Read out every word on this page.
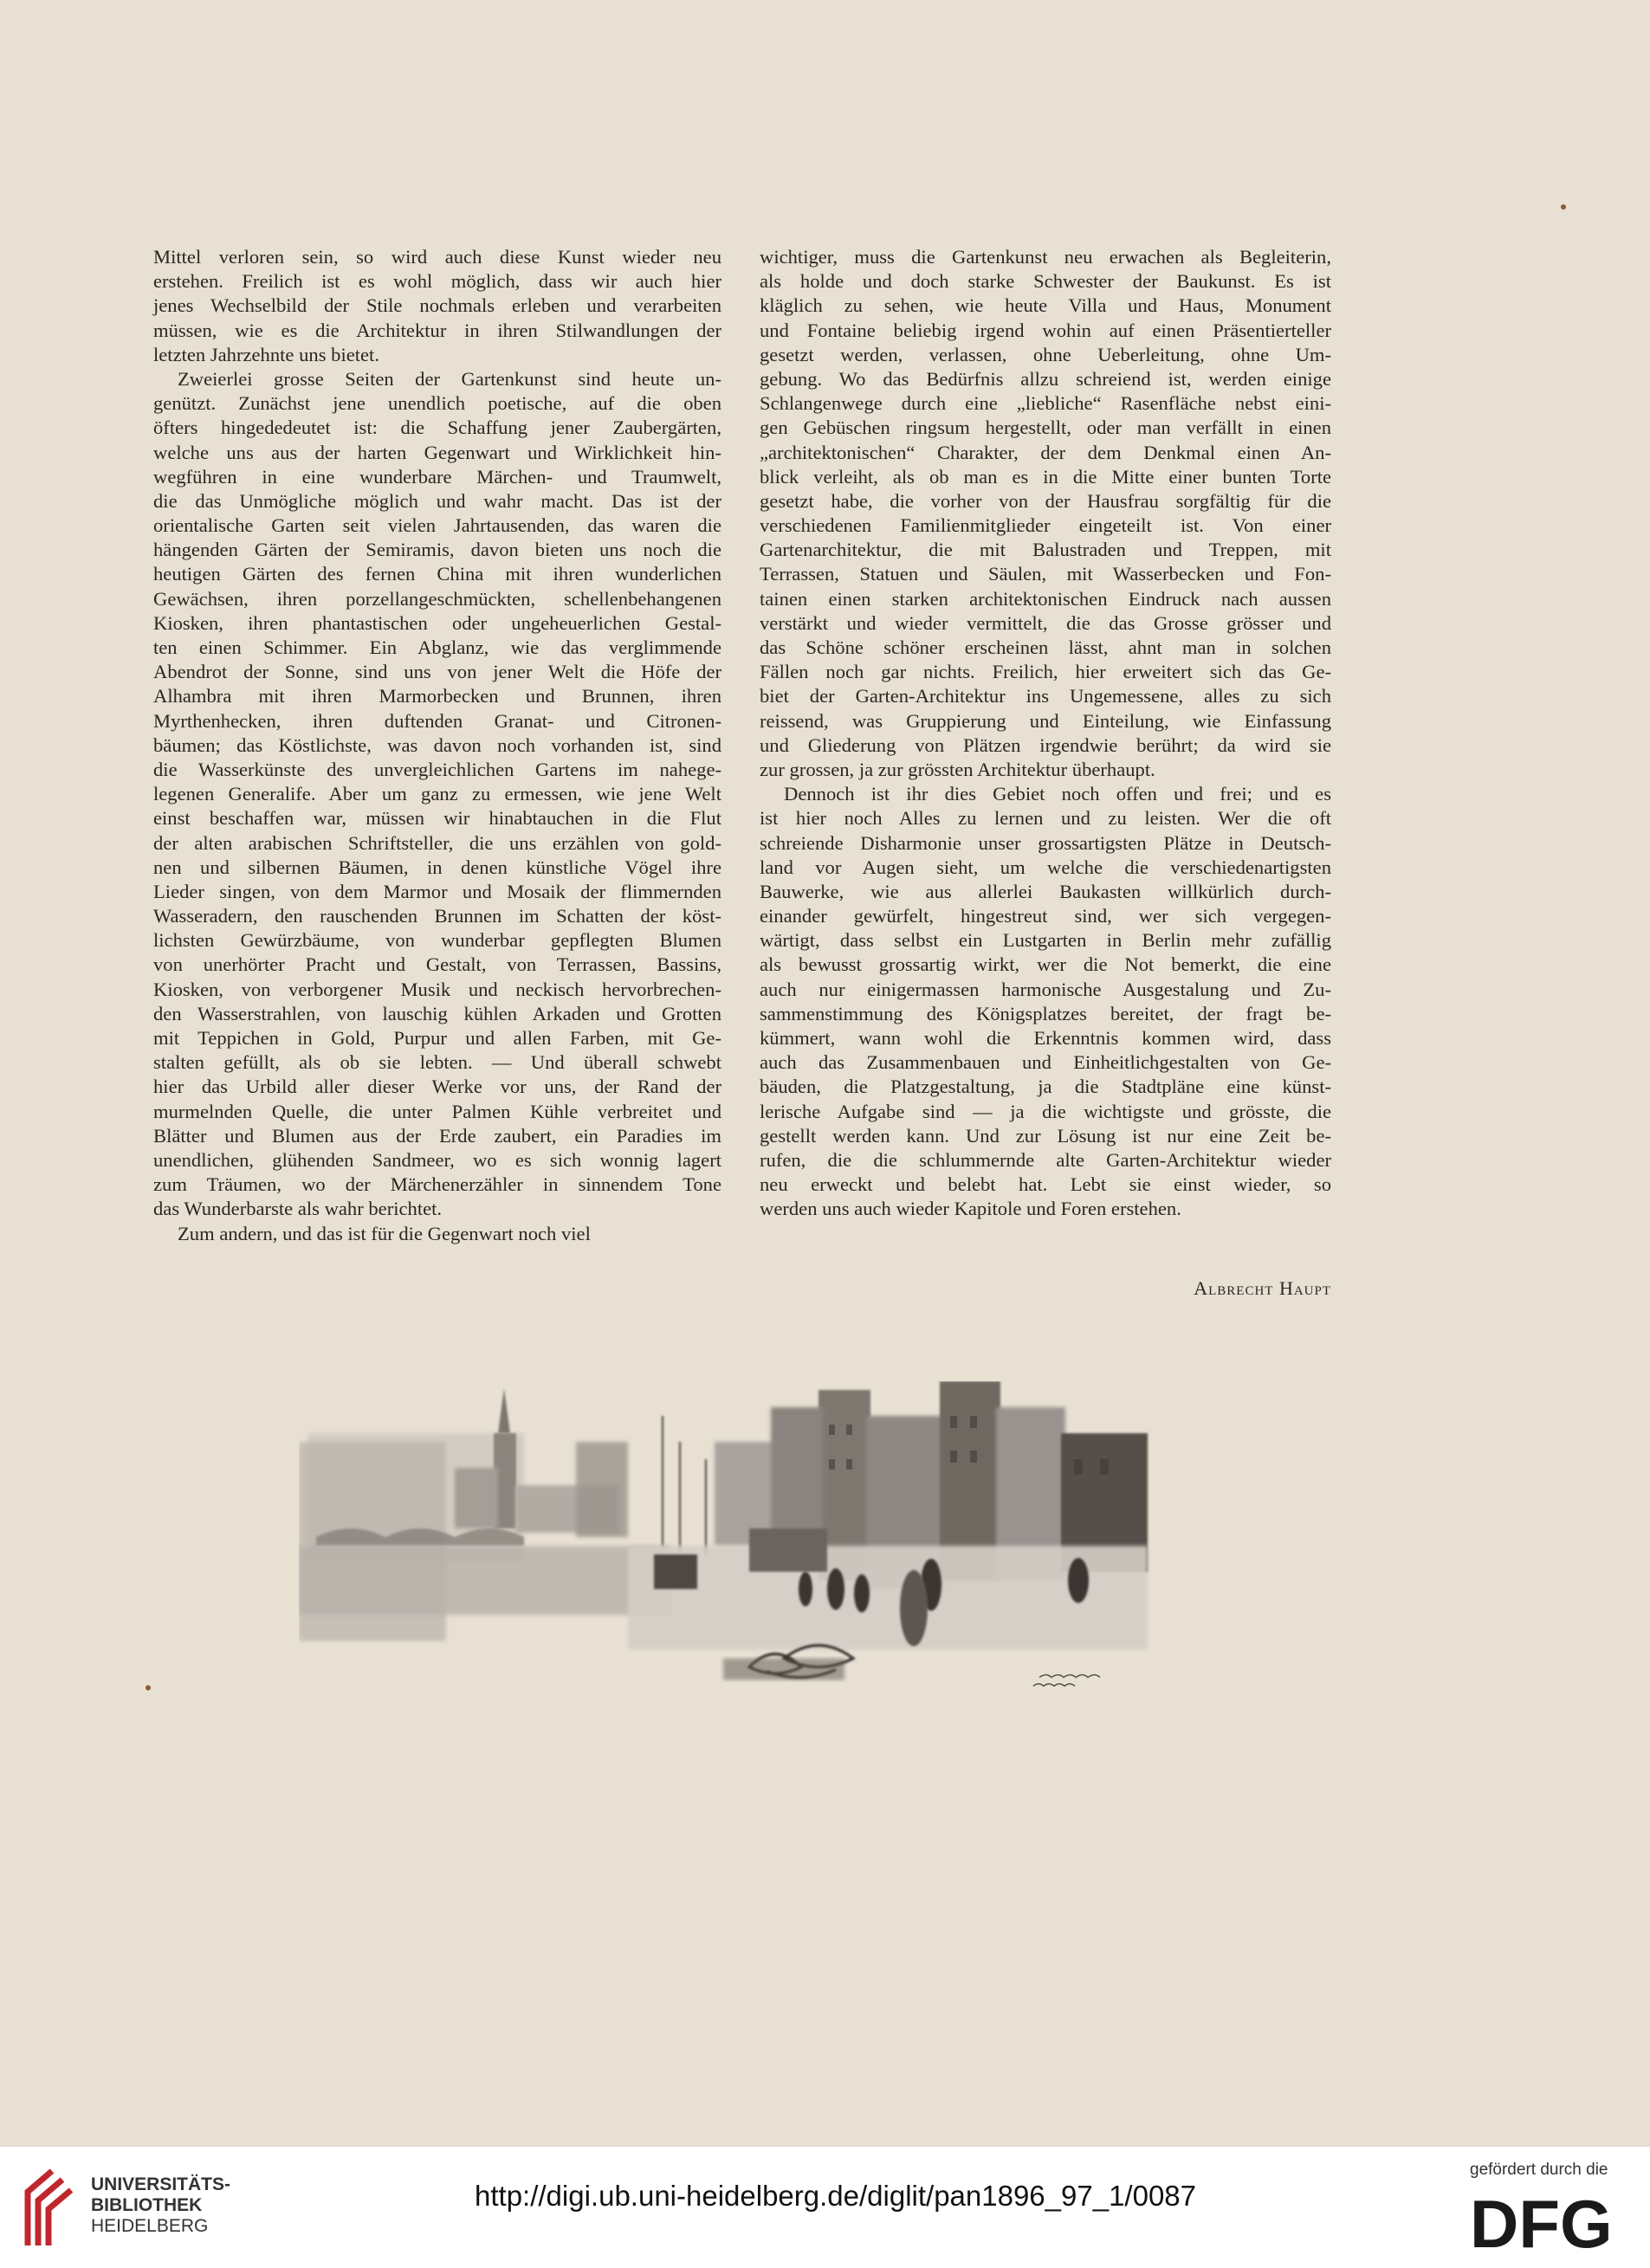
Mittel verloren sein, so wird auch diese Kunst wieder neu
erstehen. Freilich ist es wohl möglich, dass wir auch hier
jenes Wechselbild der Stile nochmals erleben und verarbeiten
müssen, wie es die Architektur in ihren Stilwandlungen der
letzten Jahrzehnte uns bietet.
Zweierlei grosse Seiten der Gartenkunst sind heute un-
genützt. Zunächst jene unendlich poetische, auf die oben
öfters hingededeutet ist: die Schaffung jener Zaubergärten,
welche uns aus der harten Gegenwart und Wirklichkeit hin-
wegführen in eine wunderbare Märchen- und Traumwelt,
die das Unmögliche möglich und wahr macht. Das ist der
orientalische Garten seit vielen Jahrtausenden, das waren die
hängenden Gärten der Semiramis, davon bieten uns noch die
heutigen Gärten des fernen China mit ihren wunderlichen
Gewächsen, ihren porzellangeschmückten, schellenbehangenen
Kiosken, ihren phantastischen oder ungeheuerlichen Gestal-
ten einen Schimmer. Ein Abglanz, wie das verglimmende
Abendrot der Sonne, sind uns von jener Welt die Höfe der
Alhambra mit ihren Marmorbecken und Brunnen, ihren
Myrthenhecken, ihren duftenden Granat- und Citronen-
bäumen; das Köstlichste, was davon noch vorhanden ist, sind
die Wasserkünste des unvergleichlichen Gartens im nahege-
legenen Generalife. Aber um ganz zu ermessen, wie jene Welt
einst beschaffen war, müssen wir hinabtauchen in die Flut
der alten arabischen Schriftsteller, die uns erzählen von gold-
nen und silbernen Bäumen, in denen künstliche Vögel ihre
Lieder singen, von dem Marmor und Mosaik der flimmernden
Wasseradern, den rauschenden Brunnen im Schatten der köst-
lichsten Gewürzbäume, von wunderbar gepflegten Blumen
von unerhörter Pracht und Gestalt, von Terrassen, Bassins,
Kiosken, von verborgener Musik und neckisch hervorbrechen-
den Wasserstrahlen, von lauschig kühlen Arkaden und Grotten
mit Teppichen in Gold, Purpur und allen Farben, mit Ge-
stalten gefüllt, als ob sie lebten. — Und überall schwebt
hier das Urbild aller dieser Werke vor uns, der Rand der
murmelnden Quelle, die unter Palmen Kühle verbreitet und
Blätter und Blumen aus der Erde zaubert, ein Paradies im
unendlichen, glühenden Sandmeer, wo es sich wonnig lagert
zum Träumen, wo der Märchenerzähler in sinnendem Tone
das Wunderbarste als wahr berichtet.
Zum andern, und das ist für die Gegenwart noch viel
wichtiger, muss die Gartenkunst neu erwachen als Begleiterin,
als holde und doch starke Schwester der Baukunst. Es ist
kläglich zu sehen, wie heute Villa und Haus, Monument
und Fontaine beliebig irgend wohin auf einen Präsentierteller
gesetzt werden, verlassen, ohne Ueberleitung, ohne Um-
gebung. Wo das Bedürfnis allzu schreiend ist, werden einige
Schlangenwege durch eine „liebliche“ Rasenfläche nebst eini-
gen Gebüschen ringsum hergestellt, oder man verfällt in einen
„architektonischen“ Charakter, der dem Denkmal einen An-
blick verleiht, als ob man es in die Mitte einer bunten Torte
gesetzt habe, die vorher von der Hausfrau sorgfältig für die
verschiedenen Familienmitglieder eingeteilt ist. Von einer
Gartenarchitektur, die mit Balustraden und Treppen, mit
Terrassen, Statuen und Säulen, mit Wasserbecken und Fon-
tainen einen starken architektonischen Eindruck nach aussen
verstärkt und wieder vermittelt, die das Grosse grösser und
das Schöne schöner erscheinen lässt, ahnt man in solchen
Fällen noch gar nichts. Freilich, hier erweitert sich das Ge-
biet der Garten-Architektur ins Ungemessene, alles zu sich
reissend, was Gruppierung und Einteilung, wie Einfassung
und Gliederung von Plätzen irgendwie berührt; da wird sie
zur grossen, ja zur grössten Architektur überhaupt.
Dennoch ist ihr dies Gebiet noch offen und frei; und es
ist hier noch Alles zu lernen und zu leisten. Wer die oft
schreiende Disharmonie unser grossartigsten Plätze in Deutsch-
land vor Augen sieht, um welche die verschiedenartigsten
Bauwerke, wie aus allerlei Baukasten willkürlich durch-
einander gewürfelt, hingestreut sind, wer sich vergegen-
wärtigt, dass selbst ein Lustgarten in Berlin mehr zufällig
als bewusst grossartig wirkt, wer die Not bemerkt, die eine
auch nur einigermassen harmonische Ausgestalung und Zu-
sammenstimmung des Königsplatzes bereitet, der fragt be-
kümmert, wann wohl die Erkenntnis kommen wird, dass
auch das Zusammenbauen und Einheitlichgestalten von Ge-
bäuden, die Platzgestaltung, ja die Stadtpläne eine künst-
lerische Aufgabe sind — ja die wichtigste und grösste, die
gestellt werden kann. Und zur Lösung ist nur eine Zeit be-
rufen, die die schlummernde alte Garten-Architektur wieder
neu erweckt und belebt hat. Lebt sie einst wieder, so
werden uns auch wieder Kapitole und Foren erstehen.
Albrecht Haupt
UNIVERSITÄTS-
BIBLIOTHEK
HEIDELBERG
http://digi.ub.uni-heidelberg.de/diglit/pan1896_97_1/0087
gefördert durch die
DFG
